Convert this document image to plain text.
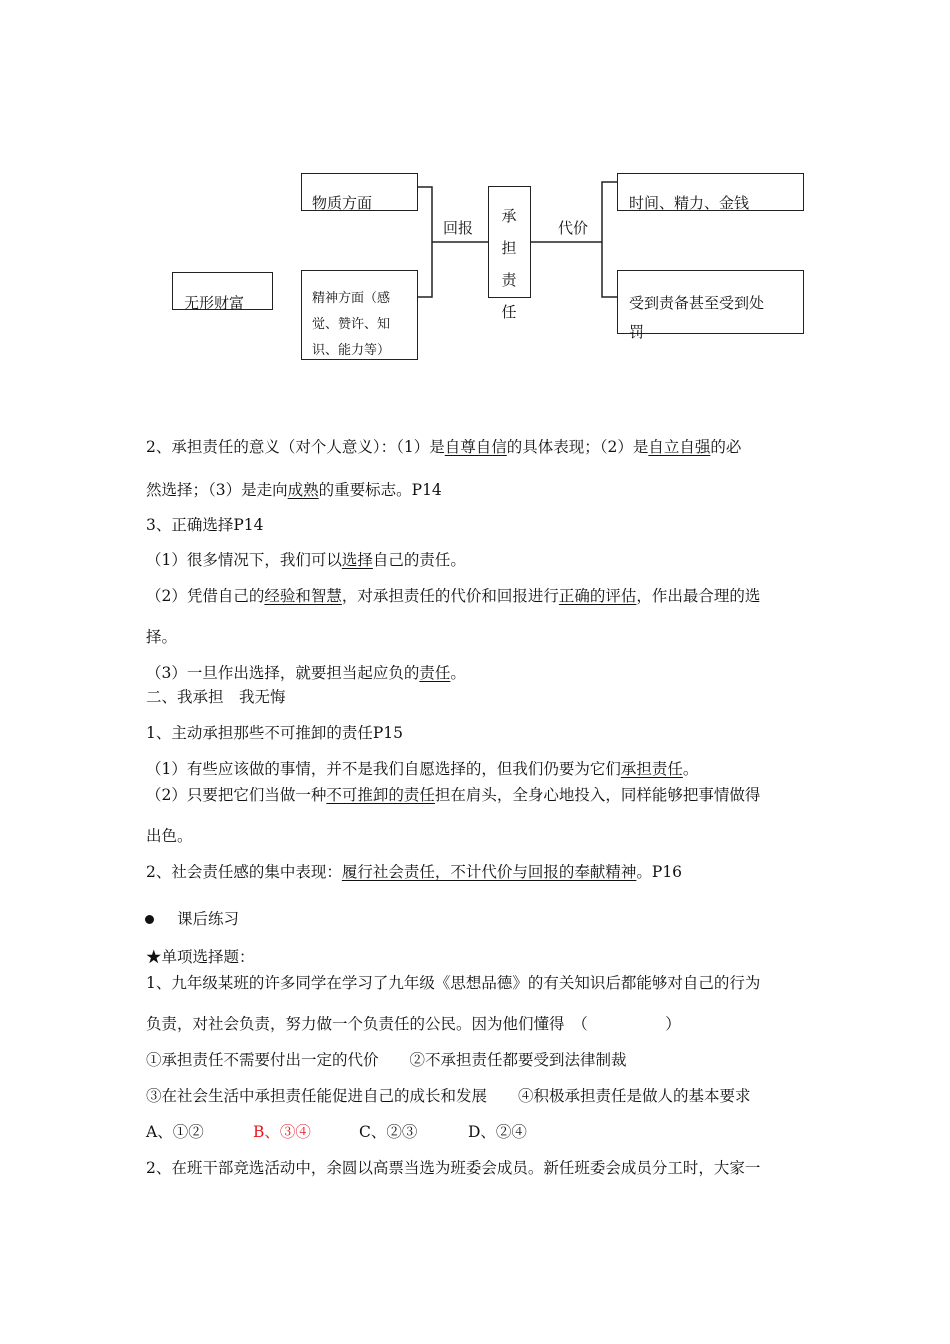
无形财富
物质方面
精神方面（感
觉、赞许、知
识、能力等）
回报
承
担
责
任
代价
时间、精力、金钱
受到责备甚至受到处
罚
2、承担责任的意义（对个人意义）：（1）是自尊自信的具体表现；（2）是自立自强的必
然选择；（3）是走向成熟的重要标志。P14
3、正确选择P14
（1）很多情况下，我们可以选择自己的责任。
（2）凭借自己的经验和智慧，对承担责任的代价和回报进行正确的评估，作出最合理的选
择。
（3）一旦作出选择，就要担当起应负的责任。
二、我承担　我无悔
1、主动承担那些不可推卸的责任P15
（1）有些应该做的事情，并不是我们自愿选择的，但我们仍要为它们承担责任。
（2）只要把它们当做一种不可推卸的责任担在肩头，全身心地投入，同样能够把事情做得
出色。
2、社会责任感的集中表现：履行社会责任，不计代价与回报的奉献精神。P16
课后练习
★单项选择题：
1、九年级某班的许多同学在学习了九年级《思想品德》的有关知识后都能够对自己的行为
负责，对社会负责，努力做一个负责任的公民。因为他们懂得　（　　　　　）
①承担责任不需要付出一定的代价　　②不承担责任都要受到法律制裁
③在社会生活中承担责任能促进自己的成长和发展　　④积极承担责任是做人的基本要求
A、①②	B、③④	C、②③	D、②④
2、在班干部竞选活动中，余圆以高票当选为班委会成员。新任班委会成员分工时，大家一
